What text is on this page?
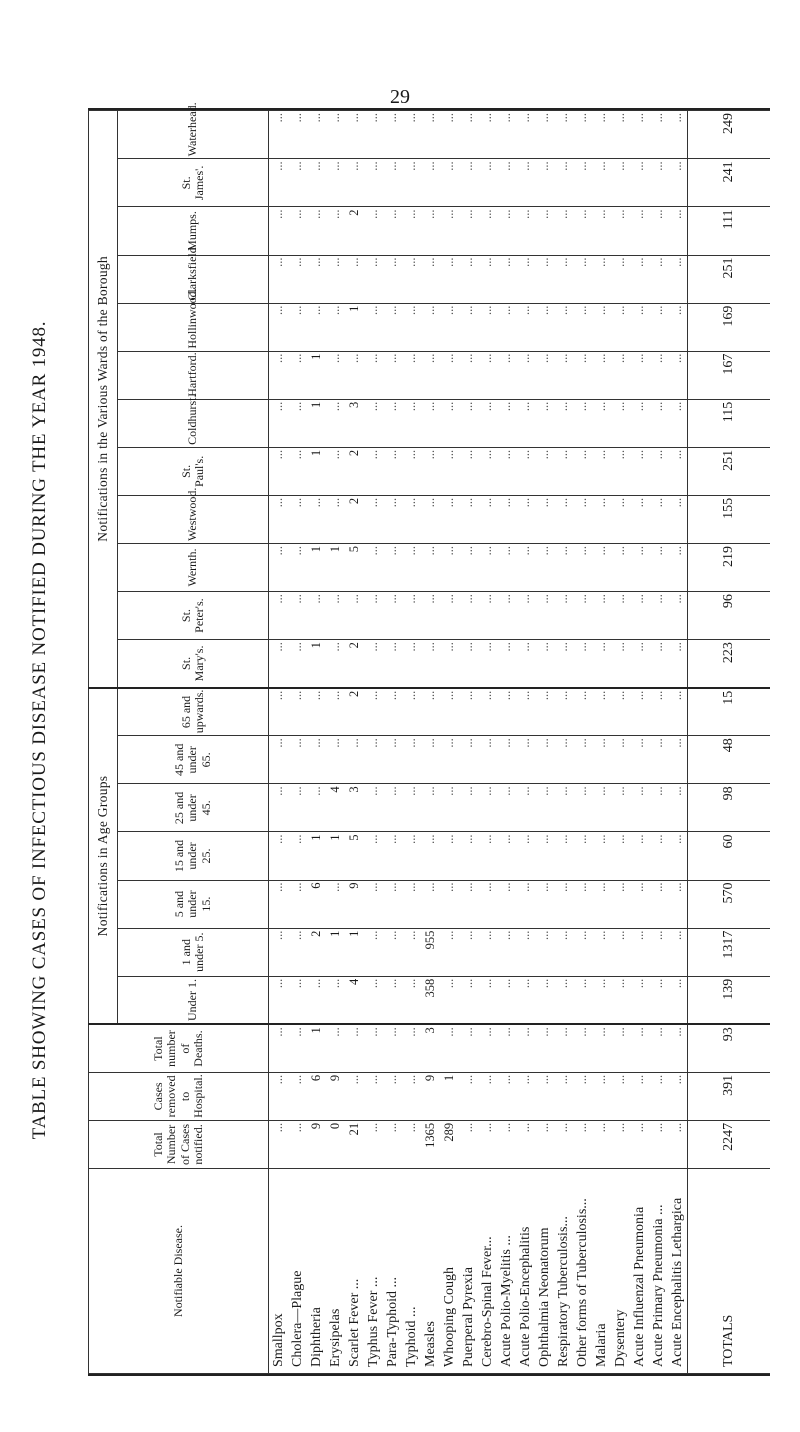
29
TABLE SHOWING CASES OF INFECTIOUS DISEASE NOTIFIED DURING THE YEAR 1948.
Notifiable Disease.	Total Number of Cases notified.	Cases removed to Hospital.	Total number of Deaths.	Notifications in Age Groups							Notifications in the Various Wards of the Borough											
				Under 1.	1 and under 5.	5 and under 15.	15 and under 25.	25 and under 45.	45 and under 65.	65 and upwards.	St. Mary's.	St. Peter's.	Wernth.	Westwood.	St. Paul's.	Coldhurst.	Hartford.	Hollinwood.	Clarksfield.	Mumps.	St. James'.	Waterhead.
Smallpox	...	...	...	...	...	...	...	...	...	...	...	...	...	...	...	...	...	...	...	...	...	...
Cholera—Plague	...	...	...	...	...	...	...	...	...	...	...	...	...	...	...	...	...	...	...	...	...	...
Diphtheria	9	6	1	...	2	6	1	...	...	...	1	...	1	...	1	1	1	...	...	...	...	...
Erysipelas	0	9	...	...	1	...	1	4	...	...	...	...	1	...	...	...	...	...	...	...	...	...
Scarlet Fever ...	21	...	...	4	1	9	5	3	...	2	2	...	5	2	2	3	...	1	...	2	...	...
Typhus Fever ...	...	...	...	...	...	...	...	...	...	...	...	...	...	...	...	...	...	...	...	...	...	...
Para-Typhoid ...	...	...	...	...	...	...	...	...	...	...	...	...	...	...	...	...	...	...	...	...	...	...
Typhoid ...	...	...	...	...	...	...	...	...	...	...	...	...	...	...	...	...	...	...	...	...	...	...
Measles	1365	9	3	358	955	...	...	...	...	...	...	...	...	...	...	...	...	...	...	...	...	...
Whooping Cough	289	1	...	...	...	...	...	...	...	...	...	...	...	...	...	...	...	...	...	...	...	...
Puerperal Pyrexia	...	...	...	...	...	...	...	...	...	...	...	...	...	...	...	...	...	...	...	...	...	...
Cerebro-Spinal Fever...	...	...	...	...	...	...	...	...	...	...	...	...	...	...	...	...	...	...	...	...	...	...
Acute Polio-Myelitis ...	...	...	...	...	...	...	...	...	...	...	...	...	...	...	...	...	...	...	...	...	...	...
Acute Polio-Encephalitis	...	...	...	...	...	...	...	...	...	...	...	...	...	...	...	...	...	...	...	...	...	...
Ophthalmia Neonatorum	...	...	...	...	...	...	...	...	...	...	...	...	...	...	...	...	...	...	...	...	...	...
Respiratory Tuberculosis...	...	...	...	...	...	...	...	...	...	...	...	...	...	...	...	...	...	...	...	...	...	...
Other forms of Tuberculosis...	...	...	...	...	...	...	...	...	...	...	...	...	...	...	...	...	...	...	...	...	...	...
Malaria	...	...	...	...	...	...	...	...	...	...	...	...	...	...	...	...	...	...	...	...	...	...
Dysentery	...	...	...	...	...	...	...	...	...	...	...	...	...	...	...	...	...	...	...	...	...	...
Acute Influenzal Pneumonia	...	...	...	...	...	...	...	...	...	...	...	...	...	...	...	...	...	...	...	...	...	...
Acute Primary Pneumonia ...	...	...	...	...	...	...	...	...	...	...	...	...	...	...	...	...	...	...	...	...	...	...
Acute Encephalitis Lethargica	...	...	...	...	...	...	...	...	...	...	...	...	...	...	...	...	...	...	...	...	...	...
TOTALS	2247	391	93	139	1317	570	60	98	48	15	223	96	219	155	251	115	167	169	251	111	241	249
